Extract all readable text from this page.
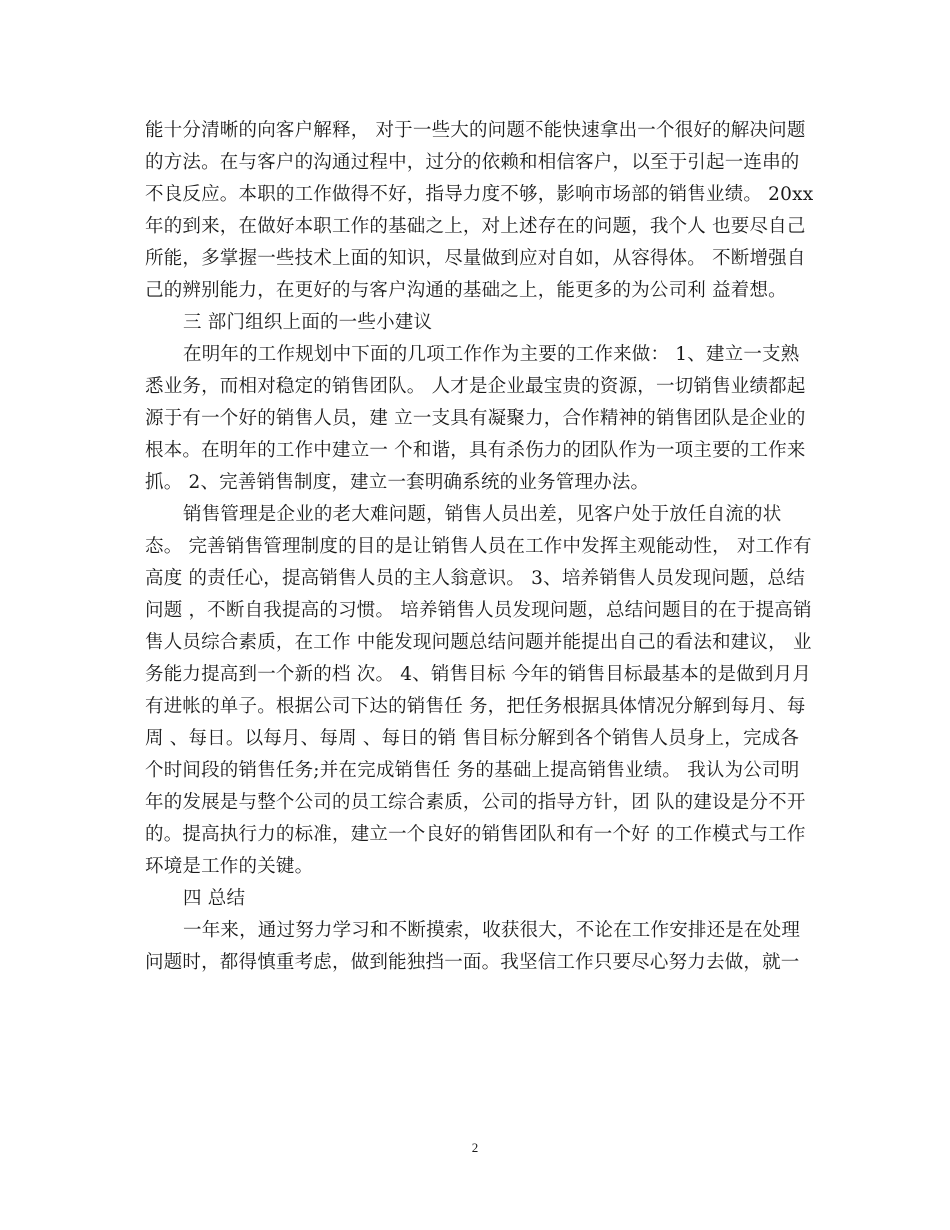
能十分清晰的向客户解释， 对于一些大的问题不能快速拿出一个很好的解决问题
的方法。在与客户的沟通过程中，过分的依赖和相信客户，以至于引起一连串的
不良反应。本职的工作做得不好，指导力度不够，影响市场部的销售业绩。 20xx
年的到来，在做好本职工作的基础之上，对上述存在的问题，我个人 也要尽自己
所能，多掌握一些技术上面的知识，尽量做到应对自如，从容得体。 不断增强自
己的辨别能力，在更好的与客户沟通的基础之上，能更多的为公司利 益着想。
三 部门组织上面的一些小建议
在明年的工作规划中下面的几项工作作为主要的工作来做： 1、建立一支熟
悉业务，而相对稳定的销售团队。 人才是企业最宝贵的资源，一切销售业绩都起
源于有一个好的销售人员，建 立一支具有凝聚力，合作精神的销售团队是企业的
根本。在明年的工作中建立一 个和谐，具有杀伤力的团队作为一项主要的工作来
抓。 2、完善销售制度，建立一套明确系统的业务管理办法。
销售管理是企业的老大难问题，销售人员出差，见客户处于放任自流的状
态。 完善销售管理制度的目的是让销售人员在工作中发挥主观能动性， 对工作有
高度 的责任心，提高销售人员的主人翁意识。 3、培养销售人员发现问题，总结
问题 ，不断自我提高的习惯。 培养销售人员发现问题，总结问题目的在于提高销
售人员综合素质，在工作 中能发现问题总结问题并能提出自己的看法和建议， 业
务能力提高到一个新的档 次。 4、销售目标 今年的销售目标最基本的是做到月月
有进帐的单子。根据公司下达的销售任 务，把任务根据具体情况分解到每月、每
周 、每日。以每月、每周 、每日的销 售目标分解到各个销售人员身上，完成各
个时间段的销售任务;并在完成销售任 务的基础上提高销售业绩。 我认为公司明
年的发展是与整个公司的员工综合素质，公司的指导方针，团 队的建设是分不开
的。提高执行力的标准，建立一个良好的销售团队和有一个好 的工作模式与工作
环境是工作的关键。
四 总结
一年来，通过努力学习和不断摸索，收获很大，不论在工作安排还是在处理
问题时，都得慎重考虑，做到能独挡一面。我坚信工作只要尽心努力去做，就一
2
